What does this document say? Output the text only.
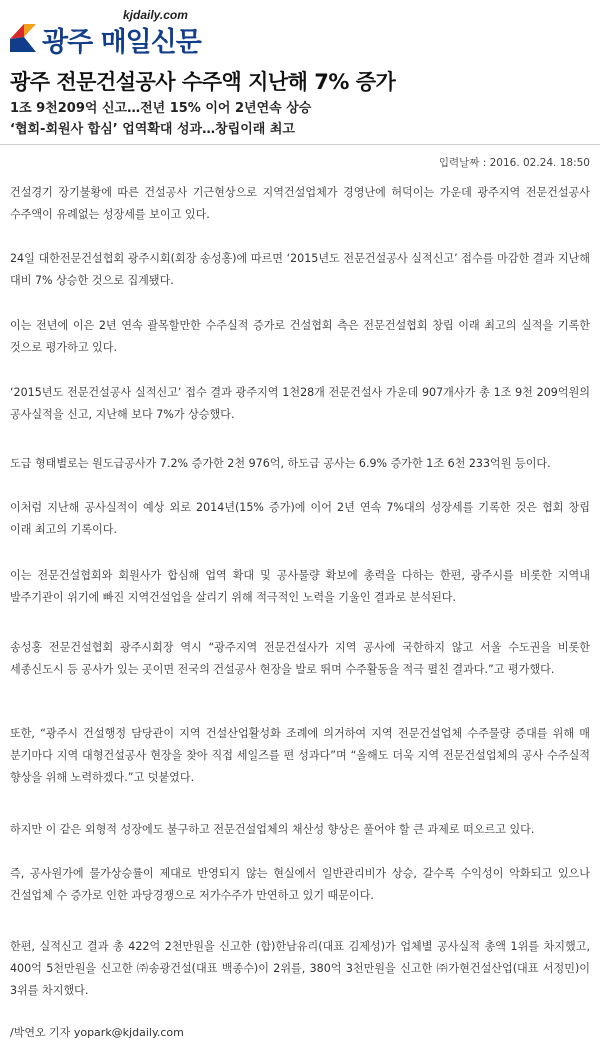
kjdaily.com
광주 매일신문
광주 전문건설공사 수주액 지난해 7% 증가

1조 9천209억 신고…전년 15% 이어 2년연속 상승

‘협회-회원사 합심’ 업역확대 성과…창립이래 최고

입력날짜 : 2016. 02.24. 18:50

건설경기 장기불황에 따른 건설공사 기근현상으로 지역건설업체가 경영난에 허덕이는 가운데 광주지역 전문건설공사 수주액이 유례없는 성장세를 보이고 있다.

24일 대한전문건설협회 광주시회(회장 송성홍)에 따르면 ‘2015년도 전문건설공사 실적신고’ 접수를 마감한 결과 지난해 대비 7% 상승한 것으로 집계됐다.

이는 전년에 이은 2년 연속 괄목할만한 수주실적 증가로 건설협회 측은 전문건설협회 창립 이래 최고의 실적을 기록한 것으로 평가하고 있다.

‘2015년도 전문건설공사 실적신고’ 접수 결과 광주지역 1천28개 전문건설사 가운데 907개사가 총 1조 9천 209억원의 공사실적을 신고, 지난해 보다 7%가 상승했다.

도급 형태별로는 원도급공사가 7.2% 증가한 2천 976억, 하도급 공사는 6.9% 증가한 1조 6천 233억원 등이다.

이처럼 지난해 공사실적이 예상 외로 2014년(15% 증가)에 이어 2년 연속 7%대의 성장세를 기록한 것은 협회 창립 이래 최고의 기록이다.

이는 전문건설협회와 회원사가 합심해 업역 확대 및 공사물량 확보에 총력을 다하는 한편, 광주시를 비롯한 지역내 발주기관이 위기에 빠진 지역건설업을 살리기 위해 적극적인 노력을 기울인 결과로 분석된다.

송성홍 전문건설협회 광주시회장 역시 “광주지역 전문건설사가 지역 공사에 국한하지 않고 서울 수도권을 비롯한 세종신도시 등 공사가 있는 곳이면 전국의 건설공사 현장을 발로 뛰며 수주활동을 적극 펼친 결과다.”고 평가했다.

또한, “광주시 건설행정 담당관이 지역 건설산업활성화 조례에 의거하여 지역 전문건설업체 수주물량 증대를 위해 매 분기마다 지역 대형건설공사 현장을 찾아 직접 세일즈를 편 성과다”며 “올해도 더욱 지역 전문건설업체의 공사 수주실적 향상을 위해 노력하겠다.”고 덧붙였다.

하지만 이 같은 외형적 성장에도 불구하고 전문건설업체의 채산성 향상은 풀어야 할 큰 과제로 떠오르고 있다.

즉, 공사원가에 물가상승률이 제대로 반영되지 않는 현실에서 일반관리비가 상승, 갈수록 수익성이 악화되고 있으나 건설업체 수 증가로 인한 과당경쟁으로 저가수주가 만연하고 있기 때문이다.

한편, 실적신고 결과 총 422억 2천만원을 신고한 (합)한남유리(대표 김제성)가 업체별 공사실적 총액 1위를 차지했고, 400억 5천만원을 신고한 ㈜송광건설(대표 백종수)이 2위를, 380억 3천만원을 신고한 ㈜가현건설산업(대표 서정민)이 3위를 차지했다.

/박연오 기자 yopark@kjdaily.com
